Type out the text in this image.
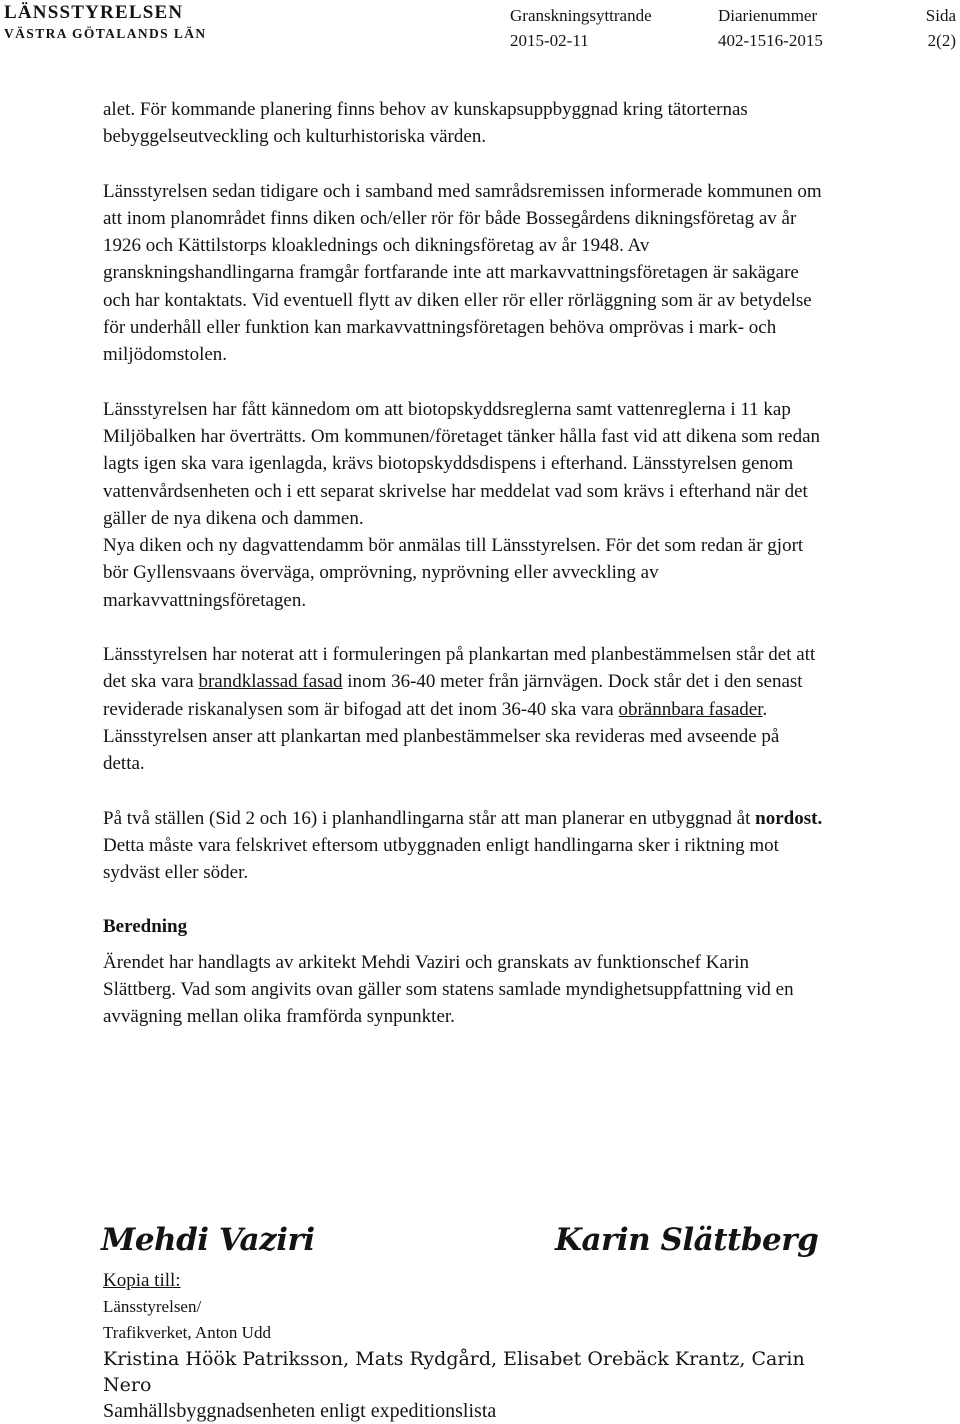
LÄNSSTYRELSEN
VÄSTRA GÖTALANDS LÄN
Granskningsyttrande
2015-02-11
Diarienummer
402-1516-2015
Sida
2(2)

alet. För kommande planering finns behov av kunskapsuppbyggnad kring tätorternas bebyggelseutveckling och kulturhistoriska värden.

Länsstyrelsen sedan tidigare och i samband med samrådsremissen informerade kommunen om att inom planområdet finns diken och/eller rör för både Bossegårdens dikningsföretag av år 1926 och Kättilstorps kloaklednings och dikningsföretag av år 1948. Av granskningshandlingarna framgår fortfarande inte att markavvattningsföretagen är sakägare och har kontaktats. Vid eventuell flytt av diken eller rör eller rörläggning som är av betydelse för underhåll eller funktion kan markavvattningsföretagen behöva omprövas i mark- och miljödomstolen.

Länsstyrelsen har fått kännedom om att biotopskyddsreglerna samt vattenreglerna i 11 kap Miljöbalken har överträtts. Om kommunen/företaget tänker hålla fast vid att dikena som redan lagts igen ska vara igenlagda, krävs biotopskyddsdispens i efterhand. Länsstyrelsen genom vattenvårdsenheten och i ett separat skrivelse har meddelat vad som krävs i efterhand när det gäller de nya dikena och dammen.

Nya diken och ny dagvattendamm bör anmälas till Länsstyrelsen. För det som redan är gjort bör Gyllensvaans överväga, omprövning, nyprövning eller avveckling av markavvattningsföretagen.

Länsstyrelsen har noterat att i formuleringen på plankartan med planbestämmelsen står det att det ska vara brandklassad fasad inom 36-40 meter från järnvägen. Dock står det i den senast reviderade riskanalysen som är bifogad att det inom 36-40 ska vara obrännbara fasader.

Länsstyrelsen anser att plankartan med planbestämmelser ska revideras med avseende på detta.

På två ställen (Sid 2 och 16) i planhandlingarna står att man planerar en utbyggnad åt nordost. Detta måste vara felskrivet eftersom utbyggnaden enligt handlingarna sker i riktning mot sydväst eller söder.

Beredning

Ärendet har handlagts av arkitekt Mehdi Vaziri och granskats av funktionschef Karin Slättberg. Vad som angivits ovan gäller som statens samlade myndighetsuppfattning vid en avvägning mellan olika framförda synpunkter.

Mehdi Vaziri	Karin Slättberg
Kopia till:
Länsstyrelsen/
Trafikverket, Anton Udd
Kristina Höök Patriksson, Mats Rydgård, Elisabet Orebäck Krantz, Carin Nero
Samhällsbyggnadsenheten enligt expeditionslista
